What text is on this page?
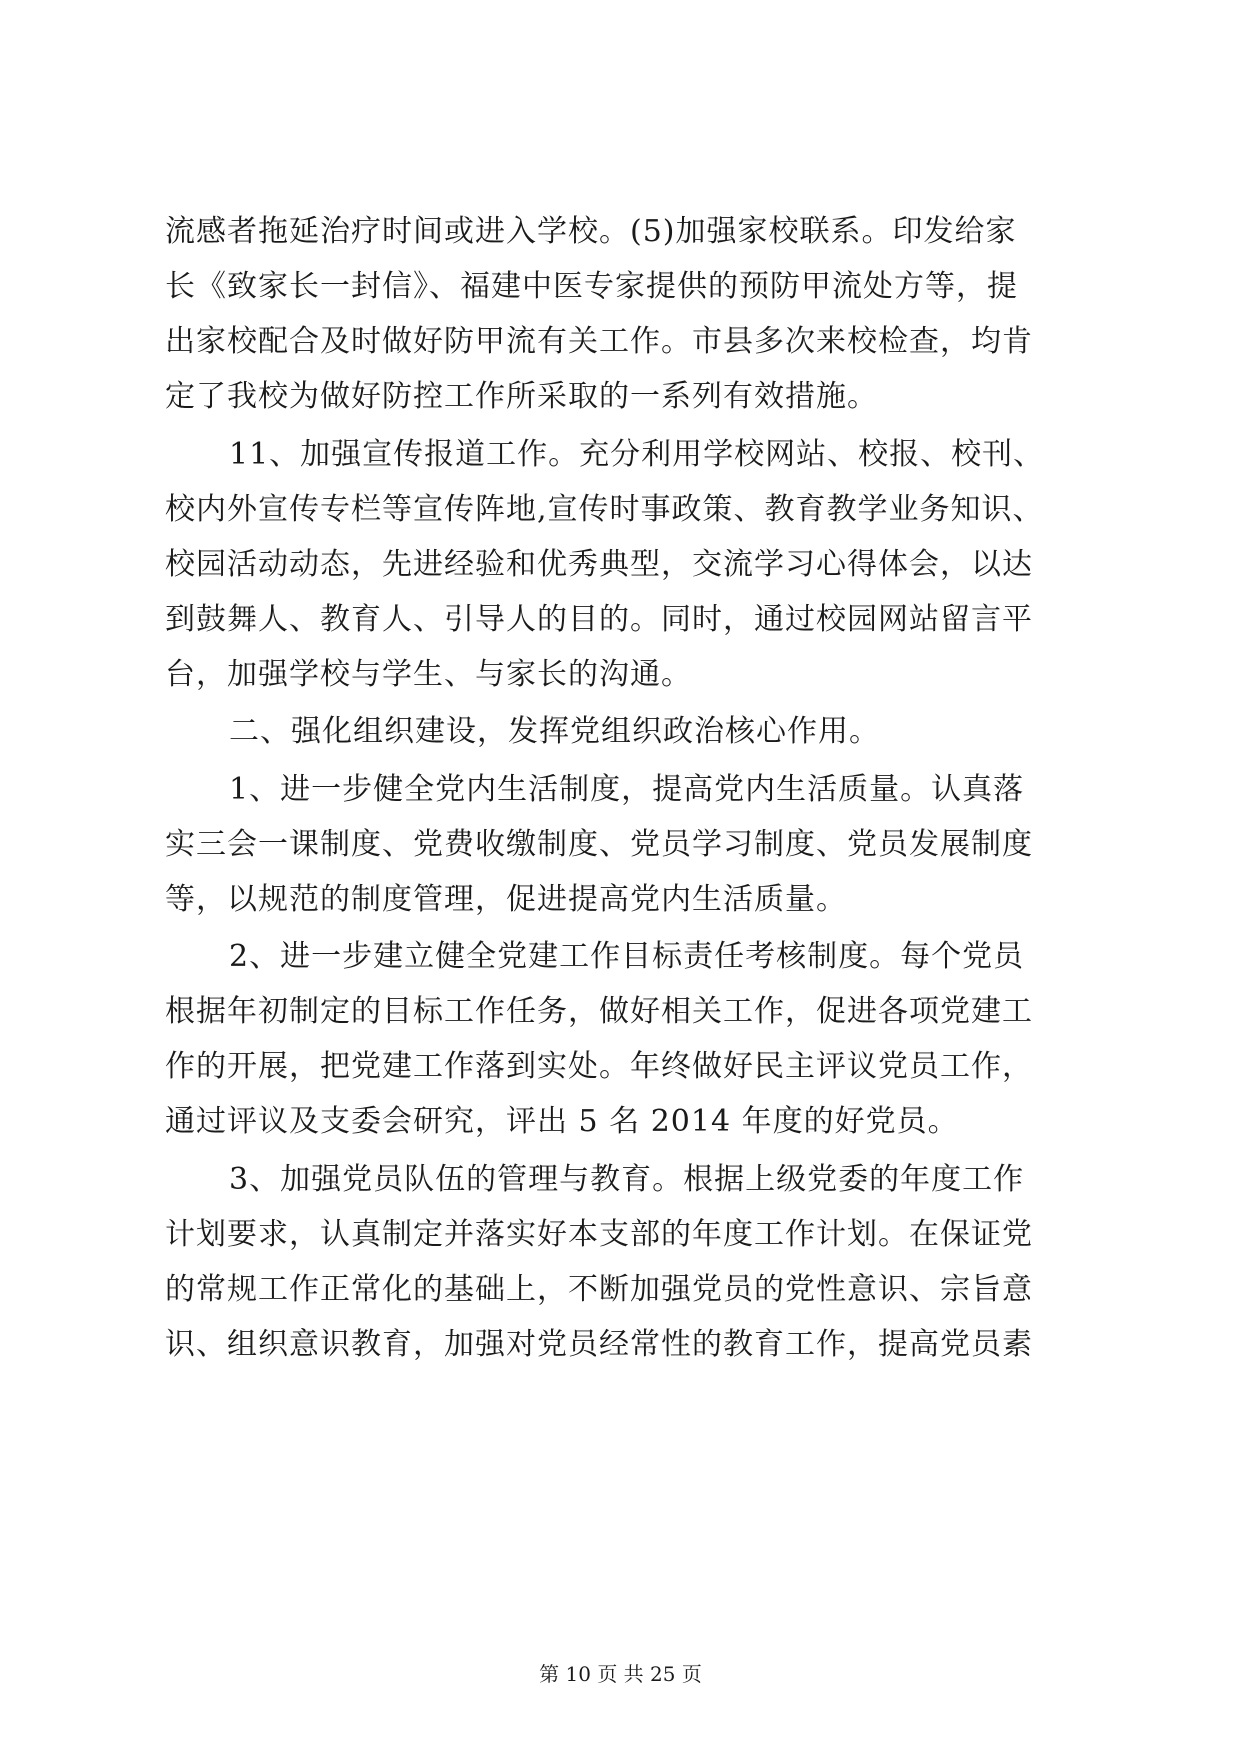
流感者拖延治疗时间或进入学校。(5)加强家校联系。印发给家
长《致家长一封信》、福建中医专家提供的预防甲流处方等，提
出家校配合及时做好防甲流有关工作。市县多次来校检查，均肯
定了我校为做好防控工作所采取的一系列有效措施。
11、加强宣传报道工作。充分利用学校网站、校报、校刊、
校内外宣传专栏等宣传阵地,宣传时事政策、教育教学业务知识、
校园活动动态，先进经验和优秀典型，交流学习心得体会，以达
到鼓舞人、教育人、引导人的目的。同时，通过校园网站留言平
台，加强学校与学生、与家长的沟通。
二、强化组织建设，发挥党组织政治核心作用。
1、进一步健全党内生活制度，提高党内生活质量。认真落
实三会一课制度、党费收缴制度、党员学习制度、党员发展制度
等，以规范的制度管理，促进提高党内生活质量。
2、进一步建立健全党建工作目标责任考核制度。每个党员
根据年初制定的目标工作任务，做好相关工作，促进各项党建工
作的开展，把党建工作落到实处。年终做好民主评议党员工作，
通过评议及支委会研究，评出 5 名 2014 年度的好党员。
3、加强党员队伍的管理与教育。根据上级党委的年度工作
计划要求，认真制定并落实好本支部的年度工作计划。在保证党
的常规工作正常化的基础上，不断加强党员的党性意识、宗旨意
识、组织意识教育，加强对党员经常性的教育工作，提高党员素
第 10 页 共 25 页
